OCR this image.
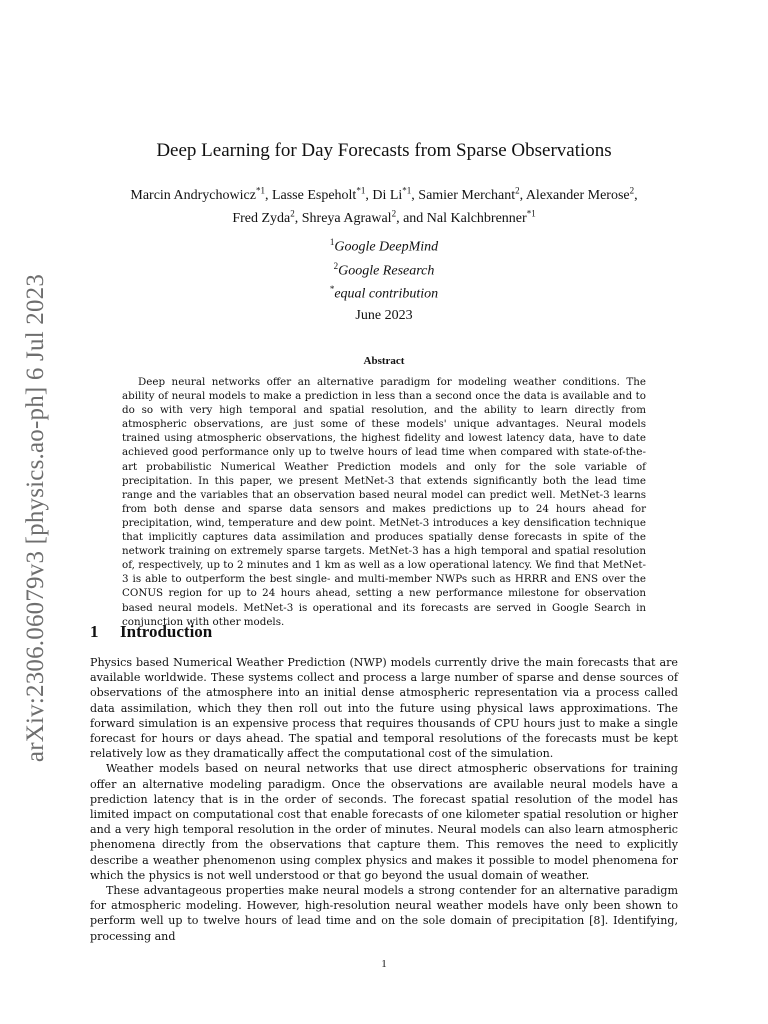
arXiv:2306.06079v3 [physics.ao-ph] 6 Jul 2023
Deep Learning for Day Forecasts from Sparse Observations
Marcin Andrychowicz$^{*1}$, Lasse Espeholt$^{*1}$, Di Li$^{*1}$, Samier Merchant$^2$, Alexander Merose$^2$,
Fred Zyda$^2$, Shreya Agrawal$^2$, and Nal Kalchbrenner$^{*1}$
$^1$Google DeepMind
$^2$Google Research
*equal contribution
June 2023
Abstract

Deep neural networks offer an alternative paradigm for modeling weather conditions. The ability of neural models to make a prediction in less than a second once the data is available and to do so with very high temporal and spatial resolution, and the ability to learn directly from atmospheric observations, are just some of these models' unique advantages. Neural models trained using atmospheric observations, the highest fidelity and lowest latency data, have to date achieved good performance only up to twelve hours of lead time when compared with state-of-the-art probabilistic Numerical Weather Prediction models and only for the sole variable of precipitation. In this paper, we present MetNet-3 that extends significantly both the lead time range and the variables that an observation based neural model can predict well. MetNet-3 learns from both dense and sparse data sensors and makes predictions up to 24 hours ahead for precipitation, wind, temperature and dew point. MetNet-3 introduces a key densification technique that implicitly captures data assimilation and produces spatially dense forecasts in spite of the network training on extremely sparse targets. MetNet-3 has a high temporal and spatial resolution of, respectively, up to 2 minutes and 1 km as well as a low operational latency. We find that MetNet-3 is able to outperform the best single- and multi-member NWPs such as HRRR and ENS over the CONUS region for up to 24 hours ahead, setting a new performance milestone for observation based neural models. MetNet-3 is operational and its forecasts are served in Google Search in conjunction with other models.

1 Introduction

Physics based Numerical Weather Prediction (NWP) models currently drive the main forecasts that are available worldwide. These systems collect and process a large number of sparse and dense sources of observations of the atmosphere into an initial dense atmospheric representation via a process called data assimilation, which they then roll out into the future using physical laws approximations. The forward simulation is an expensive process that requires thousands of CPU hours just to make a single forecast for hours or days ahead. The spatial and temporal resolutions of the forecasts must be kept relatively low as they dramatically affect the computational cost of the simulation.

Weather models based on neural networks that use direct atmospheric observations for training offer an alternative modeling paradigm. Once the observations are available neural models have a prediction latency that is in the order of seconds. The forecast spatial resolution of the model has limited impact on computational cost that enable forecasts of one kilometer spatial resolution or higher and a very high temporal resolution in the order of minutes. Neural models can also learn atmospheric phenomena directly from the observations that capture them. This removes the need to explicitly describe a weather phenomenon using complex physics and makes it possible to model phenomena for which the physics is not well understood or that go beyond the usual domain of weather.

These advantageous properties make neural models a strong contender for an alternative paradigm for atmospheric modeling. However, high-resolution neural weather models have only been shown to perform well up to twelve hours of lead time and on the sole domain of precipitation [8]. Identifying, processing and

1
